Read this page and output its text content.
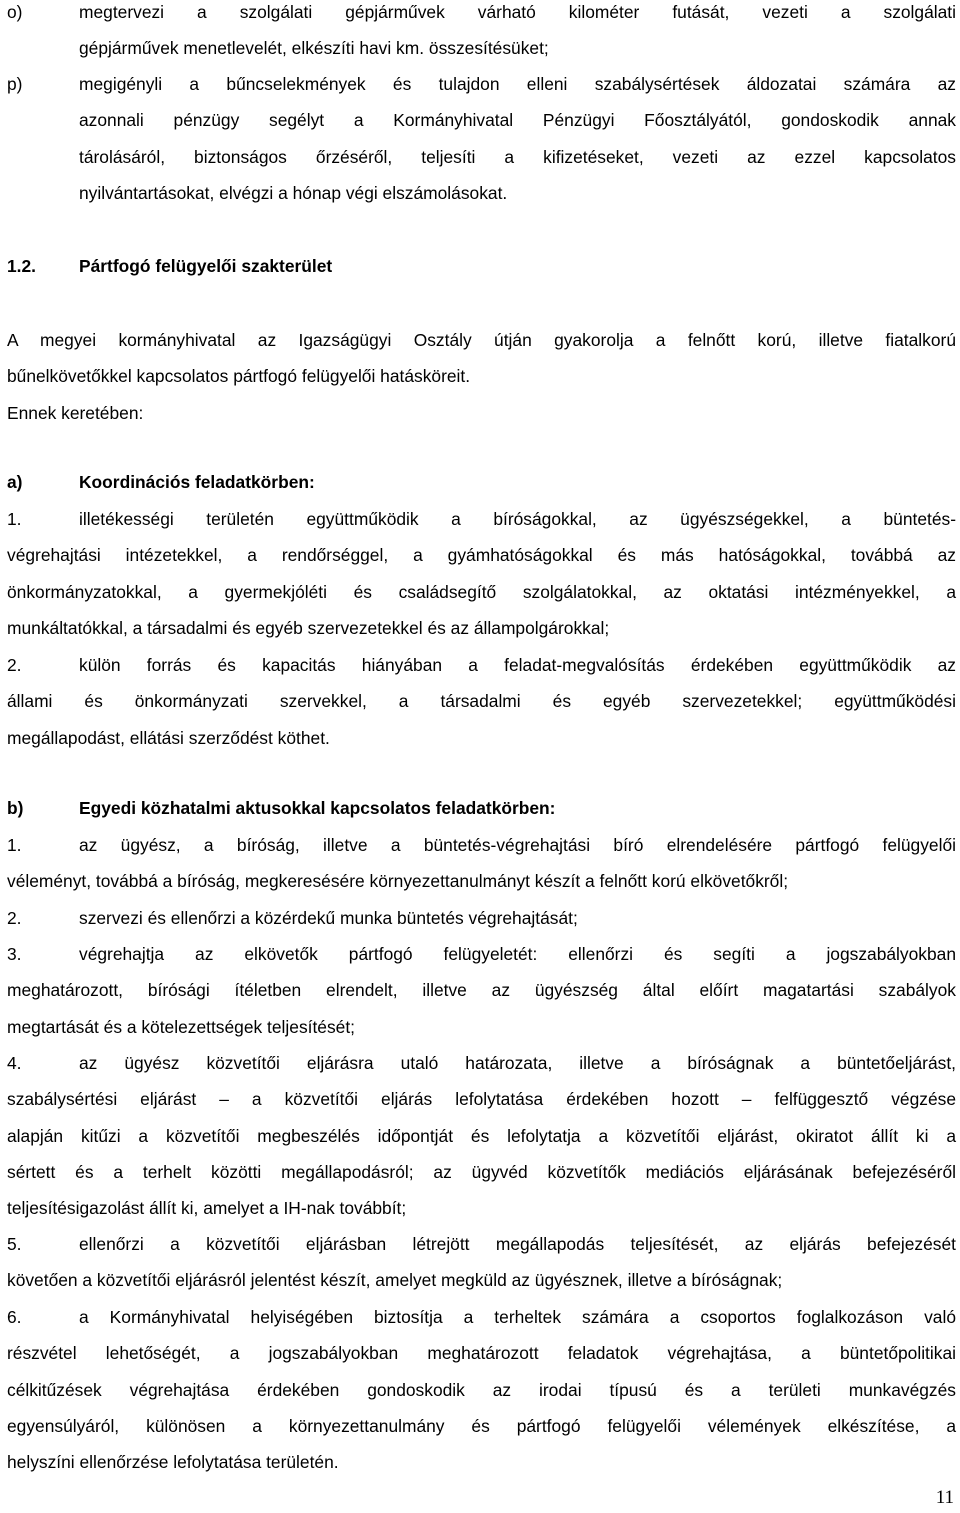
o)	megtervezi a szolgálati gépjárművek várható kilométer futását, vezeti a szolgálati
gépjárművek menetlevelét, elkészíti havi km. összesítésüket;
p)	megigényli a bűncselekmények és tulajdon elleni szabálysértések áldozatai számára az
azonnali pénzügy segélyt a Kormányhivatal Pénzügyi Főosztályától, gondoskodik annak
tárolásáról, biztonságos őrzéséről, teljesíti a kifizetéseket, vezeti az ezzel kapcsolatos
nyilvántartásokat, elvégzi a hónap végi elszámolásokat.
1.2.	Pártfogó felügyelői szakterület
A megyei kormányhivatal az Igazságügyi Osztály útján gyakorolja a felnőtt korú, illetve fiatalkorú
bűnelkövetőkkel kapcsolatos pártfogó felügyelői hatásköreit.
Ennek keretében:
a)	Koordinációs feladatkörben:
1.	illetékességi területén együttműködik a bíróságokkal, az ügyészségekkel, a büntetés-
végrehajtási intézetekkel, a rendőrséggel, a gyámhatóságokkal és más hatóságokkal, továbbá az
önkormányzatokkal, a gyermekjóléti és családsegítő szolgálatokkal, az oktatási intézményekkel, a
munkáltatókkal, a társadalmi és egyéb szervezetekkel és az állampolgárokkal;
2.	külön forrás és kapacitás hiányában a feladat-megvalósítás érdekében együttműködik az
állami és önkormányzati szervekkel, a társadalmi és egyéb szervezetekkel; együttműködési
megállapodást, ellátási szerződést köthet.
b)	Egyedi közhatalmi aktusokkal kapcsolatos feladatkörben:
1.	az ügyész, a bíróság, illetve a büntetés-végrehajtási bíró elrendelésére pártfogó felügyelői
véleményt, továbbá a bíróság, megkeresésére környezettanulmányt készít a felnőtt korú elkövetőkről;
2.	szervezi és ellenőrzi a közérdekű munka büntetés végrehajtását;
3.	végrehajtja az elkövetők pártfogó felügyeletét: ellenőrzi és segíti a jogszabályokban
meghatározott, bírósági ítéletben elrendelt, illetve az ügyészség által előírt magatartási szabályok
megtartását és a kötelezettségek teljesítését;
4.	az ügyész közvetítői eljárásra utaló határozata, illetve a bíróságnak a büntetőeljárást,
szabálysértési eljárást – a közvetítői eljárás lefolytatása érdekében hozott – felfüggesztő végzése
alapján kitűzi a közvetítői megbeszélés időpontját és lefolytatja a közvetítői eljárást, okiratot állít ki a
sértett és a terhelt közötti megállapodásról; az ügyvéd közvetítők mediációs eljárásának befejezéséről
teljesítésigazolást állít ki, amelyet a IH-nak továbbít;
5.	ellenőrzi a közvetítői eljárásban létrejött megállapodás teljesítését, az eljárás befejezését
követően a közvetítői eljárásról jelentést készít, amelyet megküld az ügyésznek, illetve a bíróságnak;
6.	a Kormányhivatal helyiségében biztosítja a terheltek számára a csoportos foglalkozáson való
részvétel lehetőségét, a jogszabályokban meghatározott feladatok végrehajtása, a büntetőpolitikai
célkitűzések végrehajtása érdekében gondoskodik az irodai típusú és a területi munkavégzés
egyensúlyáról, különösen a környezettanulmány és pártfogó felügyelői vélemények elkészítése, a
helyszíni ellenőrzése lefolytatása területén.
11
